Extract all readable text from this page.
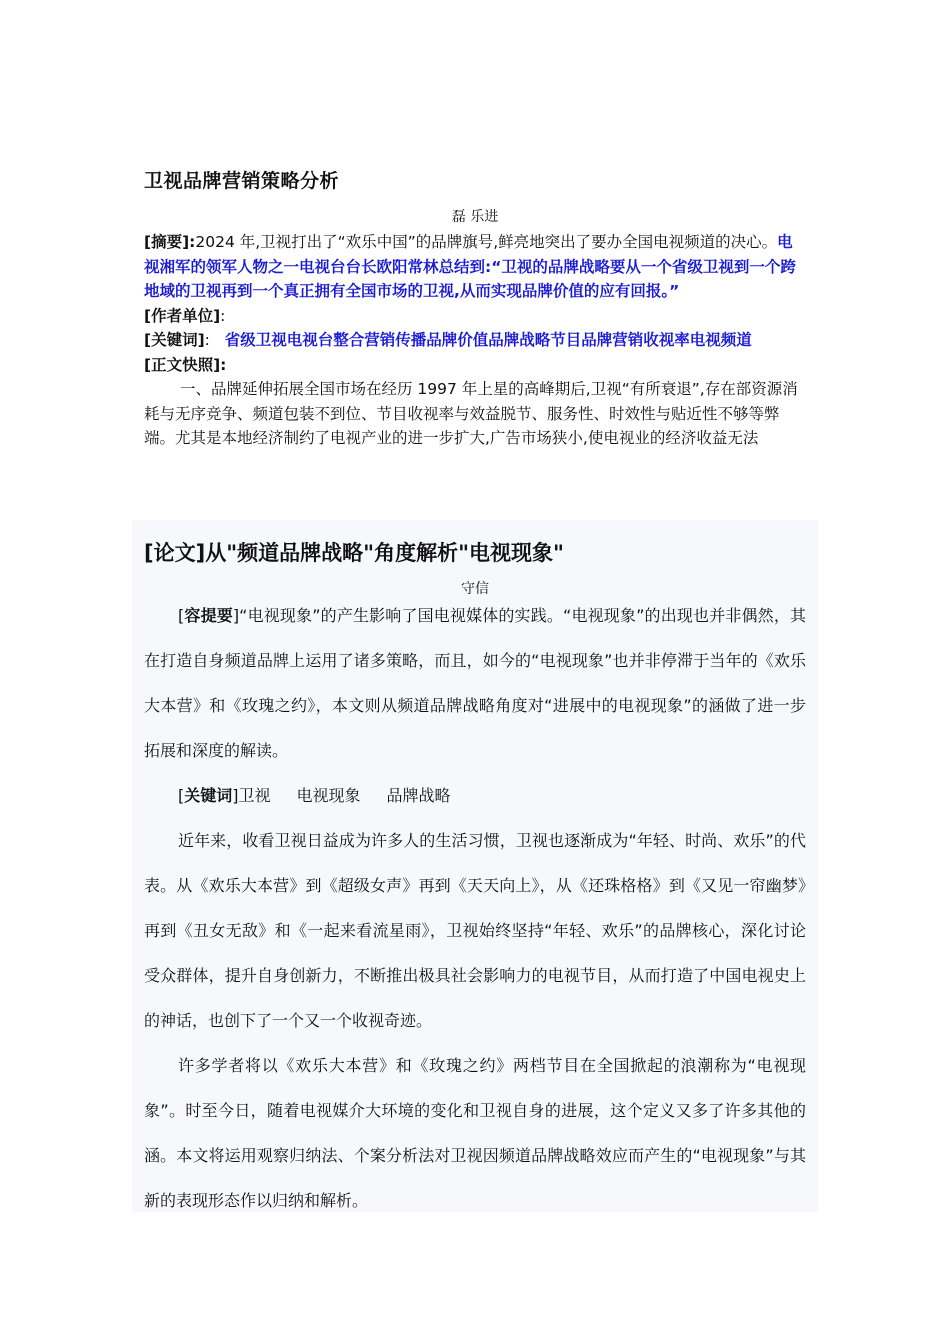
卫视品牌营销策略分析
磊 乐进

[摘要]:2024 年,卫视打出了“欢乐中国”的品牌旗号,鲜亮地突出了要办全国电视频道的决心。电视湘军的领军人物之一电视台台长欧阳常林总结到:“卫视的品牌战略要从一个省级卫视到一个跨地域的卫视再到一个真正拥有全国市场的卫视,从而实现品牌价值的应有回报。”

[作者单位]:

[关键词]: 省级卫视电视台整合营销传播品牌价值品牌战略节目品牌营销收视率电视频道

[正文快照]:

一、品牌延伸拓展全国市场在经历 1997 年上星的高峰期后,卫视“有所衰退”,存在部资源消耗与无序竞争、频道包装不到位、节目收视率与效益脱节、服务性、时效性与贴近性不够等弊端。尤其是本地经济制约了电视产业的进一步扩大,广告市场狭小,使电视业的经济收益无法

[论文]从"频道品牌战略"角度解析"电视现象"
守信

[容提要]“电视现象”的产生影响了国电视媒体的实践。“电视现象”的出现也并非偶然，其在打造自身频道品牌上运用了诸多策略，而且，如今的“电视现象”也并非停滞于当年的《欢乐大本营》和《玫瑰之约》，本文则从频道品牌战略角度对“进展中的电视现象”的涵做了进一步拓展和深度的解读。

[关键词]卫视 电视现象 品牌战略

近年来，收看卫视日益成为许多人的生活习惯，卫视也逐渐成为“年轻、时尚、欢乐”的代表。从《欢乐大本营》到《超级女声》再到《天天向上》，从《还珠格格》到《又见一帘幽梦》再到《丑女无敌》和《一起来看流星雨》，卫视始终坚持“年轻、欢乐”的品牌核心，深化讨论受众群体，提升自身创新力，不断推出极具社会影响力的电视节目，从而打造了中国电视史上的神话，也创下了一个又一个收视奇迹。

许多学者将以《欢乐大本营》和《玫瑰之约》两档节目在全国掀起的浪潮称为“电视现象”。时至今日，随着电视媒介大环境的变化和卫视自身的进展，这个定义又多了许多其他的涵。本文将运用观察归纳法、个案分析法对卫视因频道品牌战略效应而产生的“电视现象”与其新的表现形态作以归纳和解析。
